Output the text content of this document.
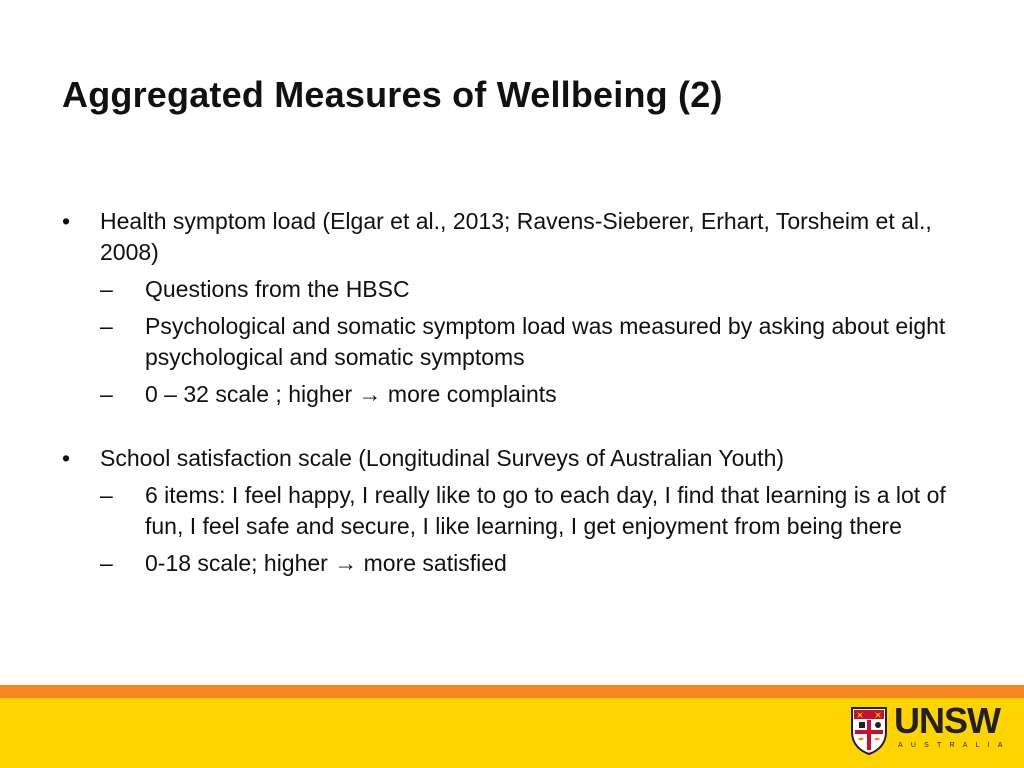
Aggregated Measures of Wellbeing (2)
•	Health symptom load (Elgar et al., 2013; Ravens-Sieberer, Erhart, Torsheim et al., 2008)
–	Questions from the HBSC
–	Psychological and somatic symptom load was measured by asking about eight psychological and somatic symptoms
–	0 – 32 scale ; higher → more complaints
•	School satisfaction scale (Longitudinal Surveys of Australian Youth)
–	6 items: I feel happy, I really like to go to each day, I find that learning is a lot of fun, I feel safe and secure, I like learning, I get enjoyment from being there
–	0-18 scale; higher → more satisfied
UNSW
AUSTRALIA
